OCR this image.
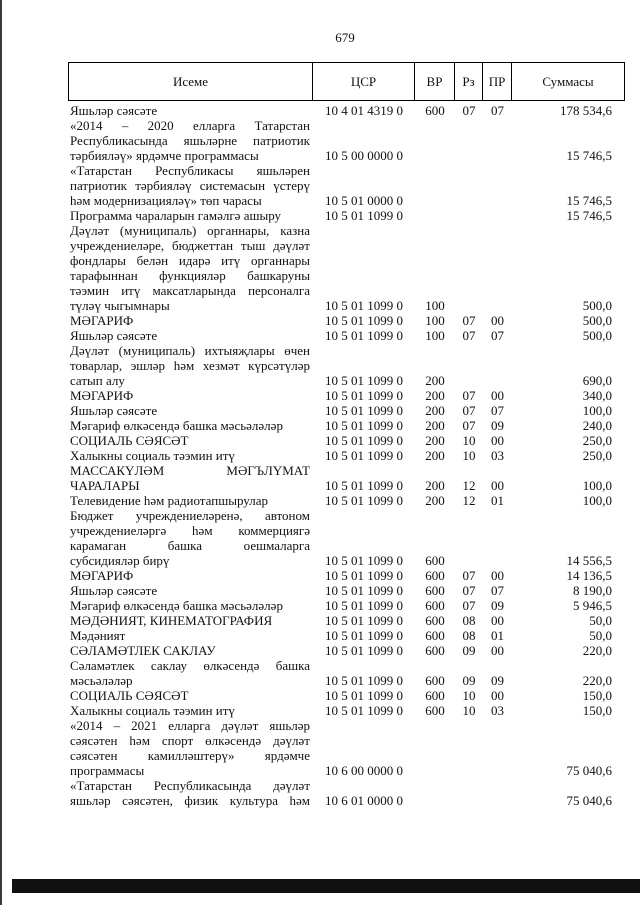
679
Исеме	ЦСР	ВР	Рз	ПР	Суммасы
Яшьләр сәясәте	10 4 01 4319 0	600	07	07	178 534,6
«2014 – 2020 елларга Татарстан
Республикасында яшьләрне патриотик
тәрбияләү» ярдәмче программасы	10 5 00 0000 0	15 746,5
«Татарстан Республикасы яшьләрен
патриотик тәрбияләү системасын үстерү
һәм модернизацияләү» төп чарасы	10 5 01 0000 0	15 746,5
Программа чараларын гамәлгә ашыру	10 5 01 1099 0	15 746,5
Дәүләт (муниципаль) органнары, казна
учреждениеләре, бюджеттан тыш дәүләт
фондлары белән идарә итү органнары
тарафыннан функцияләр башкаруны
тәэмин итү максатларында персоналга
түләү чыгымнары	10 5 01 1099 0	100	500,0
МӘГАРИФ	10 5 01 1099 0	100	07	00	500,0
Яшьләр сәясәте	10 5 01 1099 0	100	07	07	500,0
Дәүләт (муниципаль) ихтыяҗлары өчен
товарлар, эшләр һәм хезмәт күрсәтүләр
сатып алу	10 5 01 1099 0	200	690,0
МӘГАРИФ	10 5 01 1099 0	200	07	00	340,0
Яшьләр сәясәте	10 5 01 1099 0	200	07	07	100,0
Мәгариф өлкәсендә башка мәсьәләләр	10 5 01 1099 0	200	07	09	240,0
СОЦИАЛЬ СӘЯСӘТ	10 5 01 1099 0	200	10	00	250,0
Халыкны социаль тәэмин итү	10 5 01 1099 0	200	10	03	250,0
МАССАКҮЛӘМ МӘГЪЛҮМАТ
ЧАРАЛАРЫ	10 5 01 1099 0	200	12	00	100,0
Телевидение һәм радиотапшырулар	10 5 01 1099 0	200	12	01	100,0
Бюджет учреждениеләренә, автоном
учреждениеләргә һәм коммерциягә
карамаган башка оешмаларга
субсидияләр бирү	10 5 01 1099 0	600	14 556,5
МӘГАРИФ	10 5 01 1099 0	600	07	00	14 136,5
Яшьләр сәясәте	10 5 01 1099 0	600	07	07	8 190,0
Мәгариф өлкәсендә башка мәсьәләләр	10 5 01 1099 0	600	07	09	5 946,5
МӘДӘНИЯТ, КИНЕМАТОГРАФИЯ	10 5 01 1099 0	600	08	00	50,0
Мәдәният	10 5 01 1099 0	600	08	01	50,0
СӘЛАМӘТЛЕК САКЛАУ	10 5 01 1099 0	600	09	00	220,0
Сәламәтлек саклау өлкәсендә башка
мәсьәләләр	10 5 01 1099 0	600	09	09	220,0
СОЦИАЛЬ СӘЯСӘТ	10 5 01 1099 0	600	10	00	150,0
Халыкны социаль тәэмин итү	10 5 01 1099 0	600	10	03	150,0
«2014 – 2021 елларга дәүләт яшьләр
сәясәтен һәм спорт өлкәсендә дәүләт
сәясәтен камилләштерү» ярдәмче
программасы	10 6 00 0000 0	75 040,6
«Татарстан Республикасында дәүләт
яшьләр сәясәтен, физик культура һәм	10 6 01 0000 0	75 040,6
